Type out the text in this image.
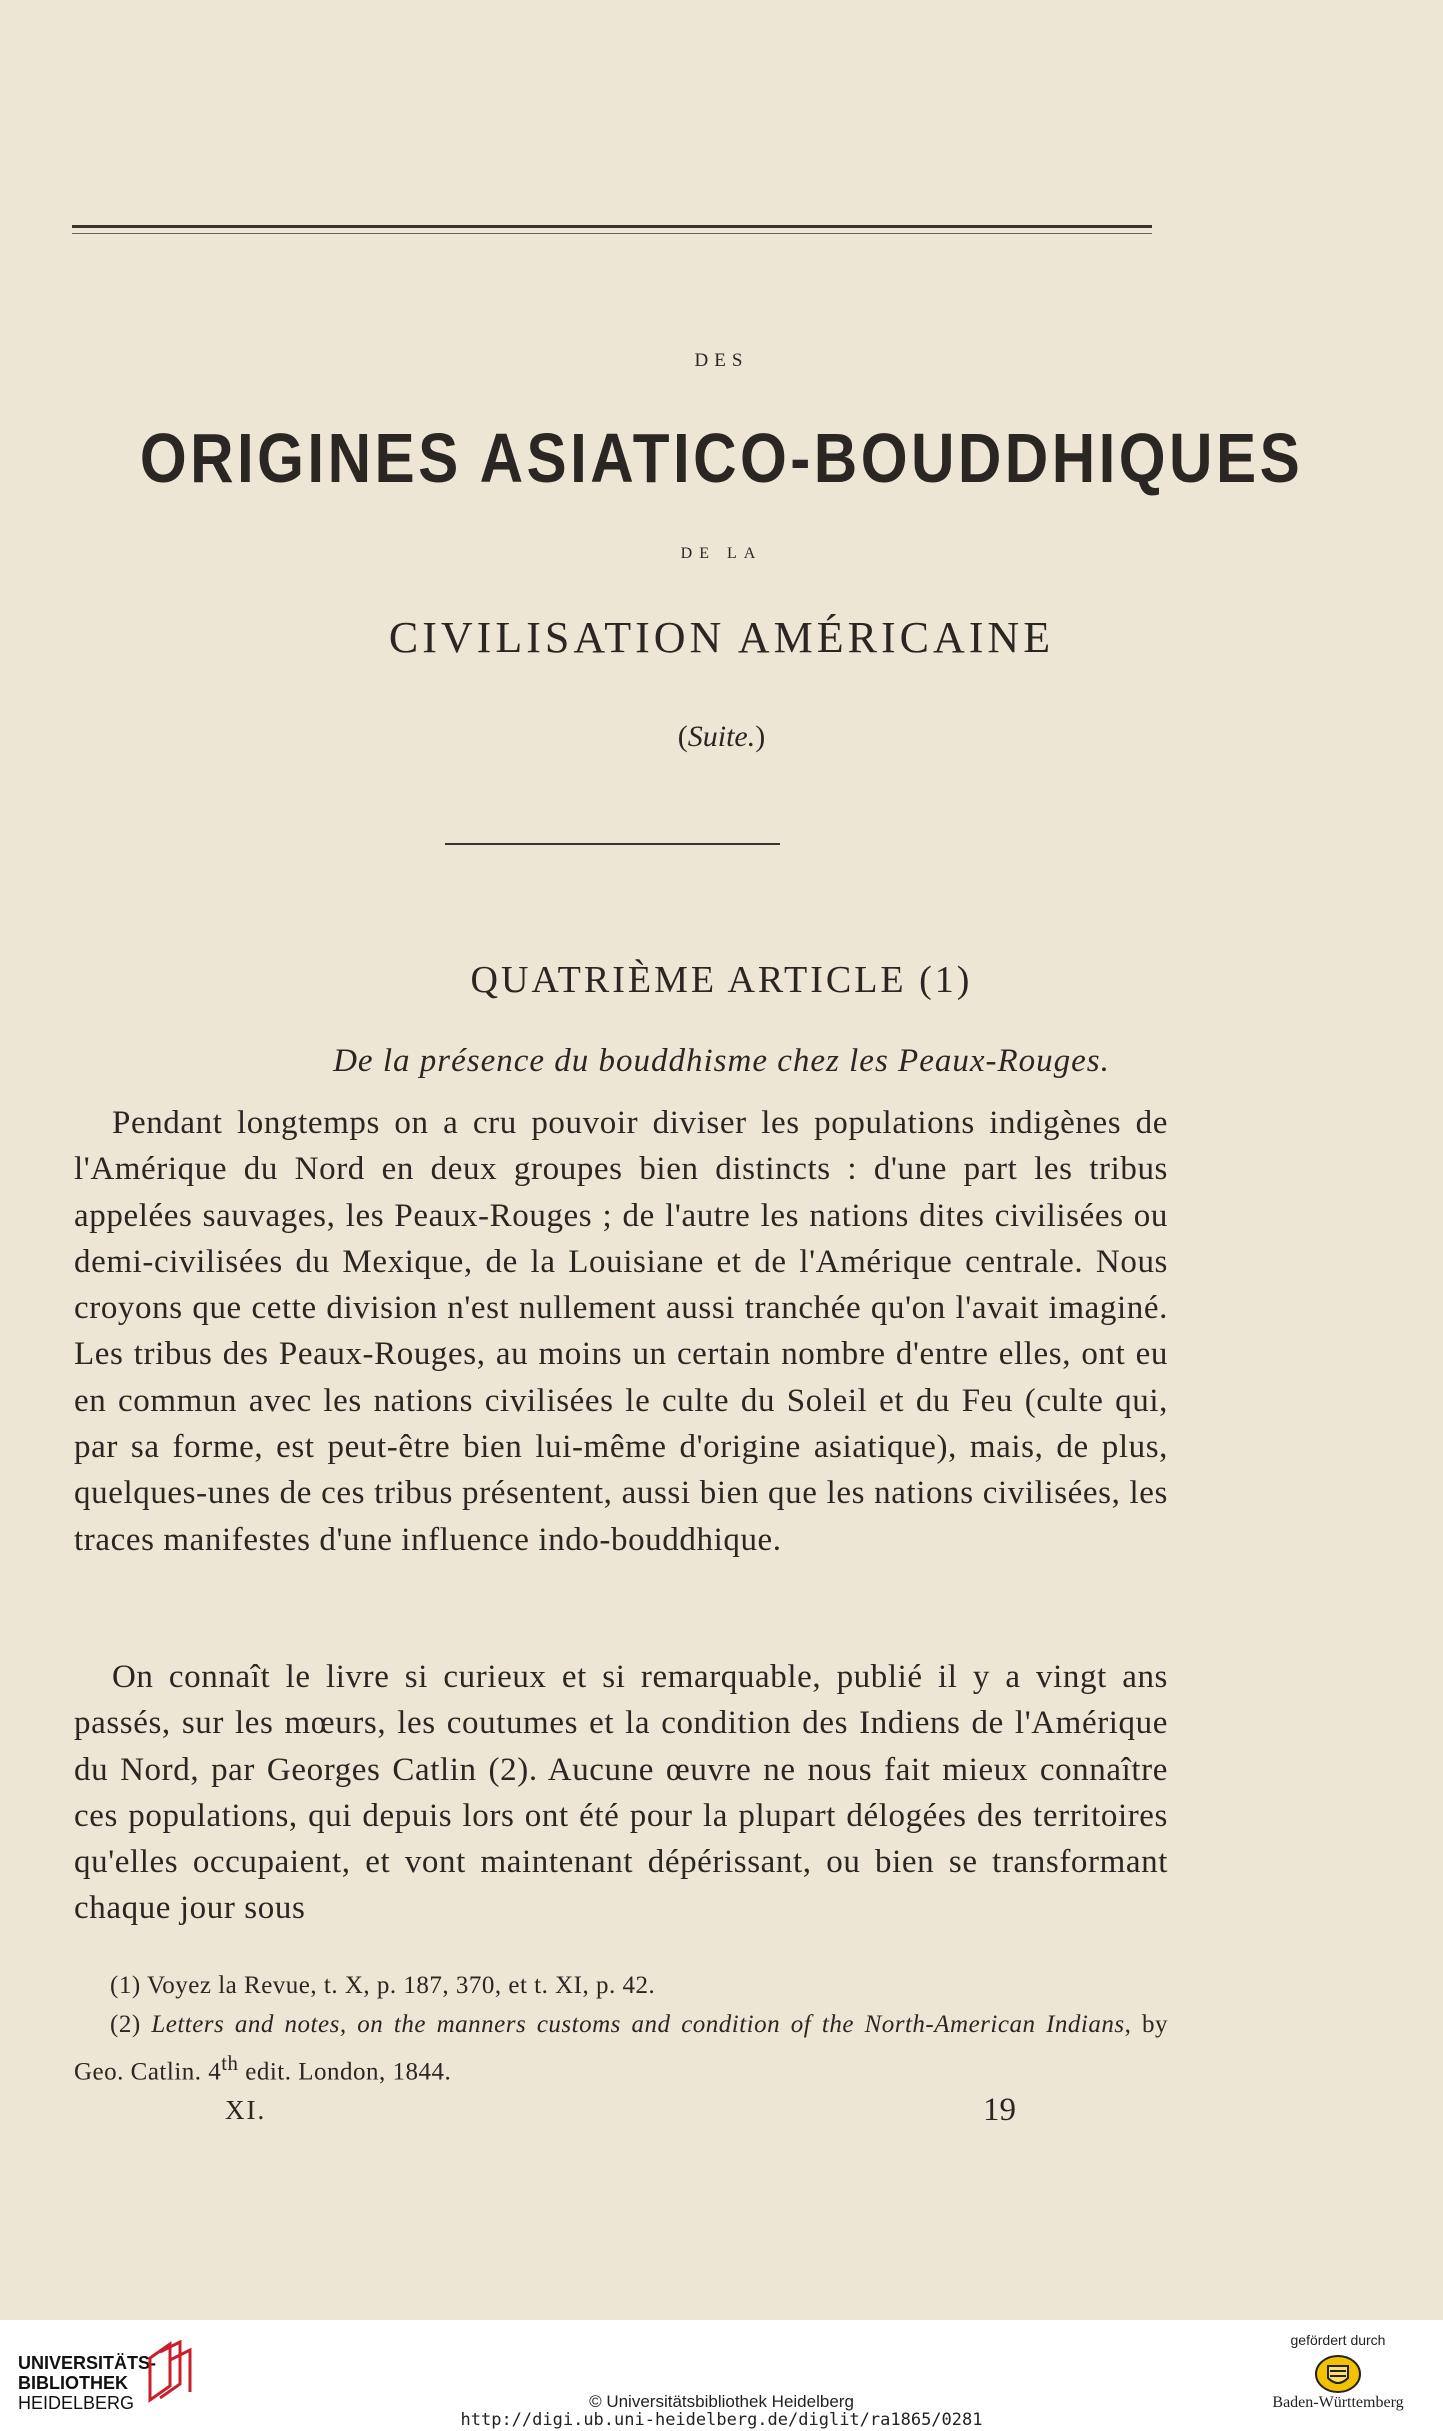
DES
ORIGINES ASIATICO-BOUDDHIQUES
DE LA
CIVILISATION AMÉRICAINE
(Suite.)
QUATRIÈME ARTICLE (1)
De la présence du bouddhisme chez les Peaux-Rouges.
Pendant longtemps on a cru pouvoir diviser les populations indigènes de l'Amérique du Nord en deux groupes bien distincts : d'une part les tribus appelées sauvages, les Peaux-Rouges ; de l'autre les nations dites civilisées ou demi-civilisées du Mexique, de la Louisiane et de l'Amérique centrale. Nous croyons que cette division n'est nullement aussi tranchée qu'on l'avait imaginé. Les tribus des Peaux-Rouges, au moins un certain nombre d'entre elles, ont eu en commun avec les nations civilisées le culte du Soleil et du Feu (culte qui, par sa forme, est peut-être bien lui-même d'origine asiatique), mais, de plus, quelques-unes de ces tribus présentent, aussi bien que les nations civilisées, les traces manifestes d'une influence indo-bouddhique.
On connaît le livre si curieux et si remarquable, publié il y a vingt ans passés, sur les mœurs, les coutumes et la condition des Indiens de l'Amérique du Nord, par Georges Catlin (2). Aucune œuvre ne nous fait mieux connaître ces populations, qui depuis lors ont été pour la plupart délogées des territoires qu'elles occupaient, et vont maintenant dépérissant, ou bien se transformant chaque jour sous
(1) Voyez la Revue, t. X, p. 187, 370, et t. XI, p. 42.
(2) Letters and notes, on the manners customs and condition of the North-American Indians, by Geo. Catlin. 4th edit. London, 1844.
XI.	19
UNIVERSITÄTS-
BIBLIOTHEK
HEIDELBERG	© Universitätsbibliothek Heidelberg
http://digi.ub.uni-heidelberg.de/diglit/ra1865/0281
gefördert durch
Baden-Württemberg
